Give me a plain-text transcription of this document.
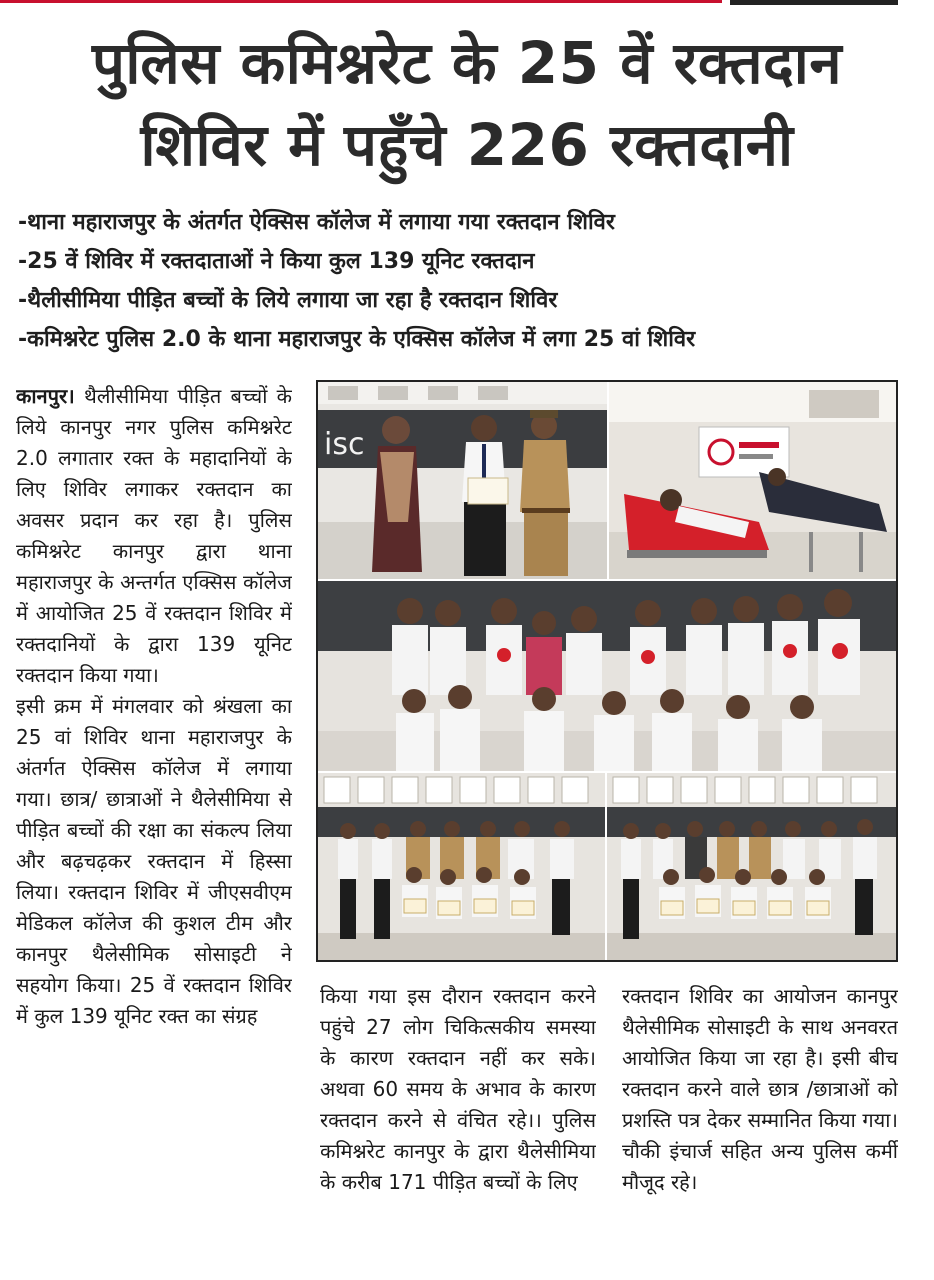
पुलिस कमिश्नरेट के 25 वें रक्तदान
शिविर में पहुँचे 226 रक्तदानी
-थाना महाराजपुर के अंतर्गत ऐक्सिस कॉलेज में लगाया गया रक्तदान शिविर
-25 वें शिविर में रक्तदाताओं ने किया कुल 139 यूनिट रक्तदान
-थैलीसीमिया पीड़ित बच्चों के लिये लगाया जा रहा है रक्तदान शिविर
-कमिश्नरेट पुलिस 2.0 के थाना महाराजपुर के एक्सिस कॉलेज में लगा 25 वां शिविर

कानपुर। थैलीसीमिया पीड़ित बच्चों के लिये कानपुर नगर पुलिस कमिश्नरेट 2.0 लगातार रक्त के महादानियों के लिए शिविर लगाकर रक्तदान का अवसर प्रदान कर रहा है। पुलिस कमिश्नरेट कानपुर द्वारा थाना महाराजपुर के अन्तर्गत एक्सिस कॉलेज में आयोजित 25 वें रक्तदान शिविर में रक्तदानियों के द्वारा 139 यूनिट रक्तदान किया गया।

इसी क्रम में मंगलवार को श्रंखला का 25 वां शिविर थाना महाराजपुर के अंतर्गत ऐक्सिस कॉलेज में लगाया गया। छात्र/ छात्राओं ने थैलेसीमिया से पीड़ित बच्चों की रक्षा का संकल्प लिया और बढ़चढ़कर रक्तदान में हिस्सा लिया। रक्तदान शिविर में जीएसवीएम मेडिकल कॉलेज की कुशल टीम और कानपुर थैलेसीमिक सोसाइटी ने सहयोग किया। 25 वें रक्तदान शिविर में कुल 139 यूनिट रक्त का संग्रह

किया गया इस दौरान रक्तदान करने पहुंचे 27 लोग चिकित्सकीय समस्या के कारण रक्तदान नहीं कर सके। अथवा 60 समय के अभाव के कारण रक्तदान करने से वंचित रहे।। पुलिस कमिश्नरेट कानपुर के द्वारा थैलेसीमिया के करीब 171 पीड़ित बच्चों के लिए

रक्तदान शिविर का आयोजन कानपुर थैलेसीमिक सोसाइटी के साथ अनवरत आयोजित किया जा रहा है। इसी बीच रक्तदान करने वाले छात्र /छात्राओं को प्रशस्ति पत्र देकर सम्मानित किया गया। चौकी इंचार्ज सहित अन्य पुलिस कर्मी मौजूद रहे।

isc
